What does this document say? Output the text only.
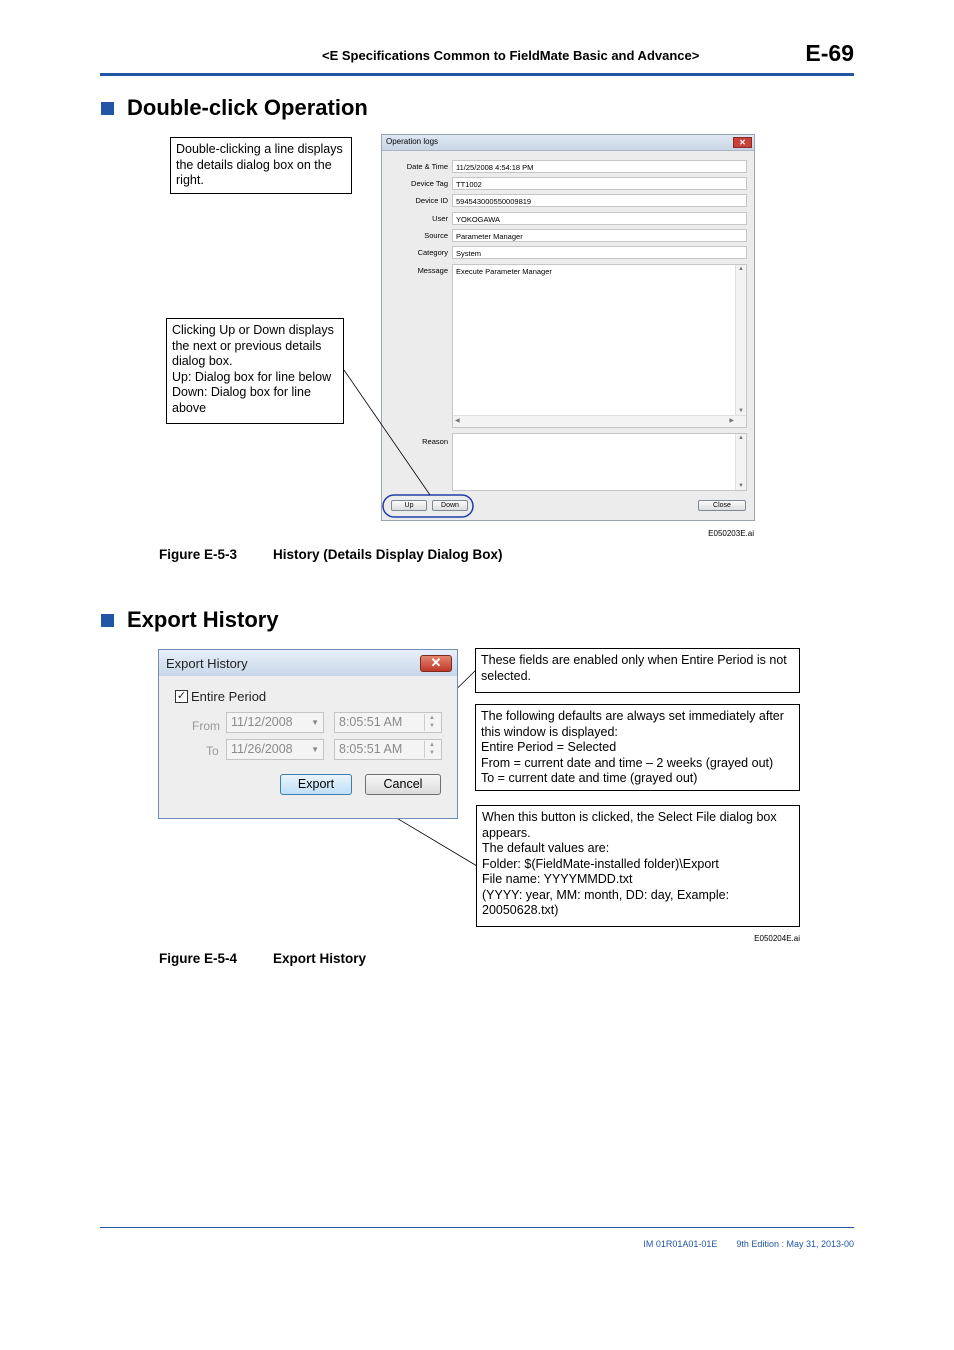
<E Specifications Common to FieldMate Basic and Advance>	E-69
Double-click Operation
Double-clicking a line displays the details dialog box on the right.
Clicking Up or Down displays the next or previous details dialog box.
Up: Dialog box for line below
Down: Dialog box for line above
Operation logs	✕
Date & Time	11/25/2008 4:54:18 PM
Device Tag	TT1002
Device ID	594543000550009819
User	YOKOGAWA
Source	Parameter Manager
Category	System
Message	Execute Parameter Manager	▲
▼
◀	▶
Reason	▲
▼
Up	Down	Close
E050203E.ai
Figure E-5-3	History (Details Display Dialog Box)
Export History
Export History	✕
✓ Entire Period
From 11/12/2008 ▼	8:05:51 AM	▲
▼
To 11/26/2008 ▼	8:05:51 AM	▲
▼
Export	Cancel
These fields are enabled only when Entire Period is not selected.
The following defaults are always set immediately after this window is displayed:
Entire Period = Selected
From = current date and time – 2 weeks (grayed out)
To = current date and time (grayed out)
When this button is clicked, the Select File dialog box appears.
The default values are:
Folder: $(FieldMate-installed folder)\Export
File name: YYYYMMDD.txt
(YYYY: year, MM: month, DD: day, Example: 20050628.txt)
E050204E.ai
Figure E-5-4	Export History
IM 01R01A01-01E 9th Edition : May 31, 2013-00
